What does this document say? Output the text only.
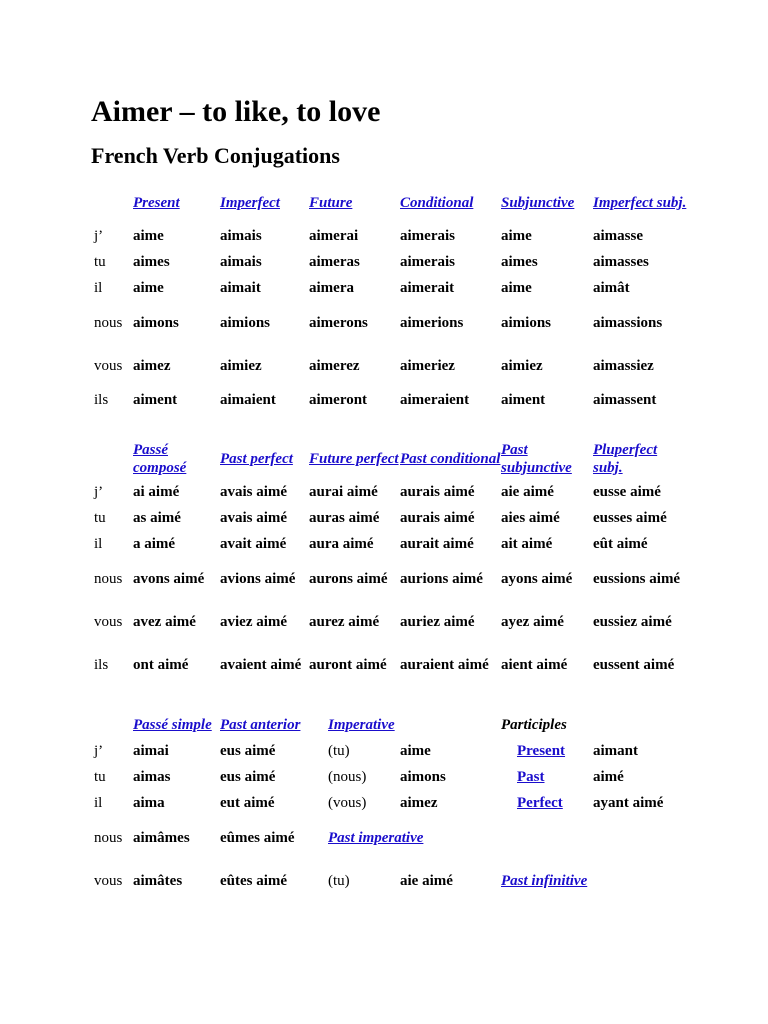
Aimer – to like, to love
French Verb Conjugations
	Present	Imperfect	Future	Conditional	Subjunctive	Imperfect subj.
j’	aime	aimais	aimerai	aimerais	aime	aimasse
tu	aimes	aimais	aimeras	aimerais	aimes	aimasses
il	aime	aimait	aimera	aimerait	aime	aimât
nous	aimons	aimions	aimerons	aimerions	aimions	aimassions
vous	aimez	aimiez	aimerez	aimeriez	aimiez	aimassiez
ils	aiment	aimaient	aimeront	aimeraient	aiment	aimassent
	Passé composé	Past perfect	Future perfect	Past conditional	Past subjunctive	Pluperfect subj.
j’	ai aimé	avais aimé	aurai aimé	aurais aimé	aie aimé	eusse aimé
tu	as aimé	avais aimé	auras aimé	aurais aimé	aies aimé	eusses aimé
il	a aimé	avait aimé	aura aimé	aurait aimé	ait aimé	eût aimé
nous	avons aimé	avions aimé	aurons aimé	aurions aimé	ayons aimé	eussions aimé
vous	avez aimé	aviez aimé	aurez aimé	auriez aimé	ayez aimé	eussiez aimé
ils	ont aimé	avaient aimé	auront aimé	auraient aimé	aient aimé	eussent aimé
	Passé simple	Past anterior	Imperative		Participles		
j’	aimai	eus aimé	(tu)	aime		Present	aimant
tu	aimas	eus aimé	(nous)	aimons		Past	aimé
il	aima	eut aimé	(vous)	aimez		Perfect	ayant aimé
nous	aimâmes	eûmes aimé	Past imperative				
vous	aimâtes	eûtes aimé	(tu)	aie aimé	Past infinitive		
